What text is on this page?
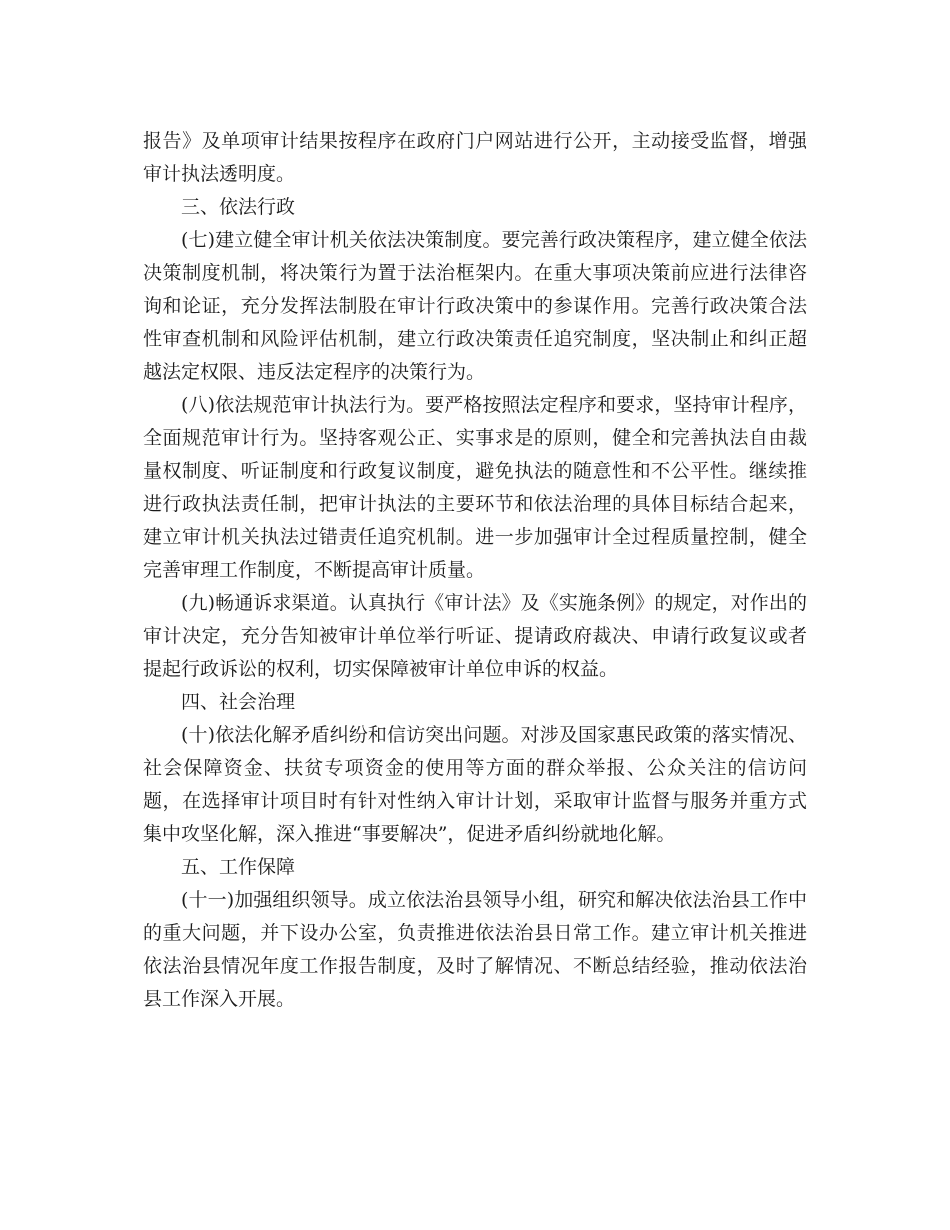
报告》及单项审计结果按程序在政府门户网站进行公开，主动接受监督，增强审计执法透明度。

三、依法行政

(七)建立健全审计机关依法决策制度。要完善行政决策程序，建立健全依法决策制度机制，将决策行为置于法治框架内。在重大事项决策前应进行法律咨询和论证，充分发挥法制股在审计行政决策中的参谋作用。完善行政决策合法性审查机制和风险评估机制，建立行政决策责任追究制度，坚决制止和纠正超越法定权限、违反法定程序的决策行为。

(八)依法规范审计执法行为。要严格按照法定程序和要求，坚持审计程序，全面规范审计行为。坚持客观公正、实事求是的原则，健全和完善执法自由裁量权制度、听证制度和行政复议制度，避免执法的随意性和不公平性。继续推进行政执法责任制，把审计执法的主要环节和依法治理的具体目标结合起来，建立审计机关执法过错责任追究机制。进一步加强审计全过程质量控制，健全完善审理工作制度，不断提高审计质量。

(九)畅通诉求渠道。认真执行《审计法》及《实施条例》的规定，对作出的审计决定，充分告知被审计单位举行听证、提请政府裁决、申请行政复议或者提起行政诉讼的权利，切实保障被审计单位申诉的权益。

四、社会治理

(十)依法化解矛盾纠纷和信访突出问题。对涉及国家惠民政策的落实情况、社会保障资金、扶贫专项资金的使用等方面的群众举报、公众关注的信访问题，在选择审计项目时有针对性纳入审计计划，采取审计监督与服务并重方式集中攻坚化解，深入推进“事要解决”，促进矛盾纠纷就地化解。

五、工作保障

(十一)加强组织领导。成立依法治县领导小组，研究和解决依法治县工作中的重大问题，并下设办公室，负责推进依法治县日常工作。建立审计机关推进依法治县情况年度工作报告制度，及时了解情况、不断总结经验，推动依法治县工作深入开展。
